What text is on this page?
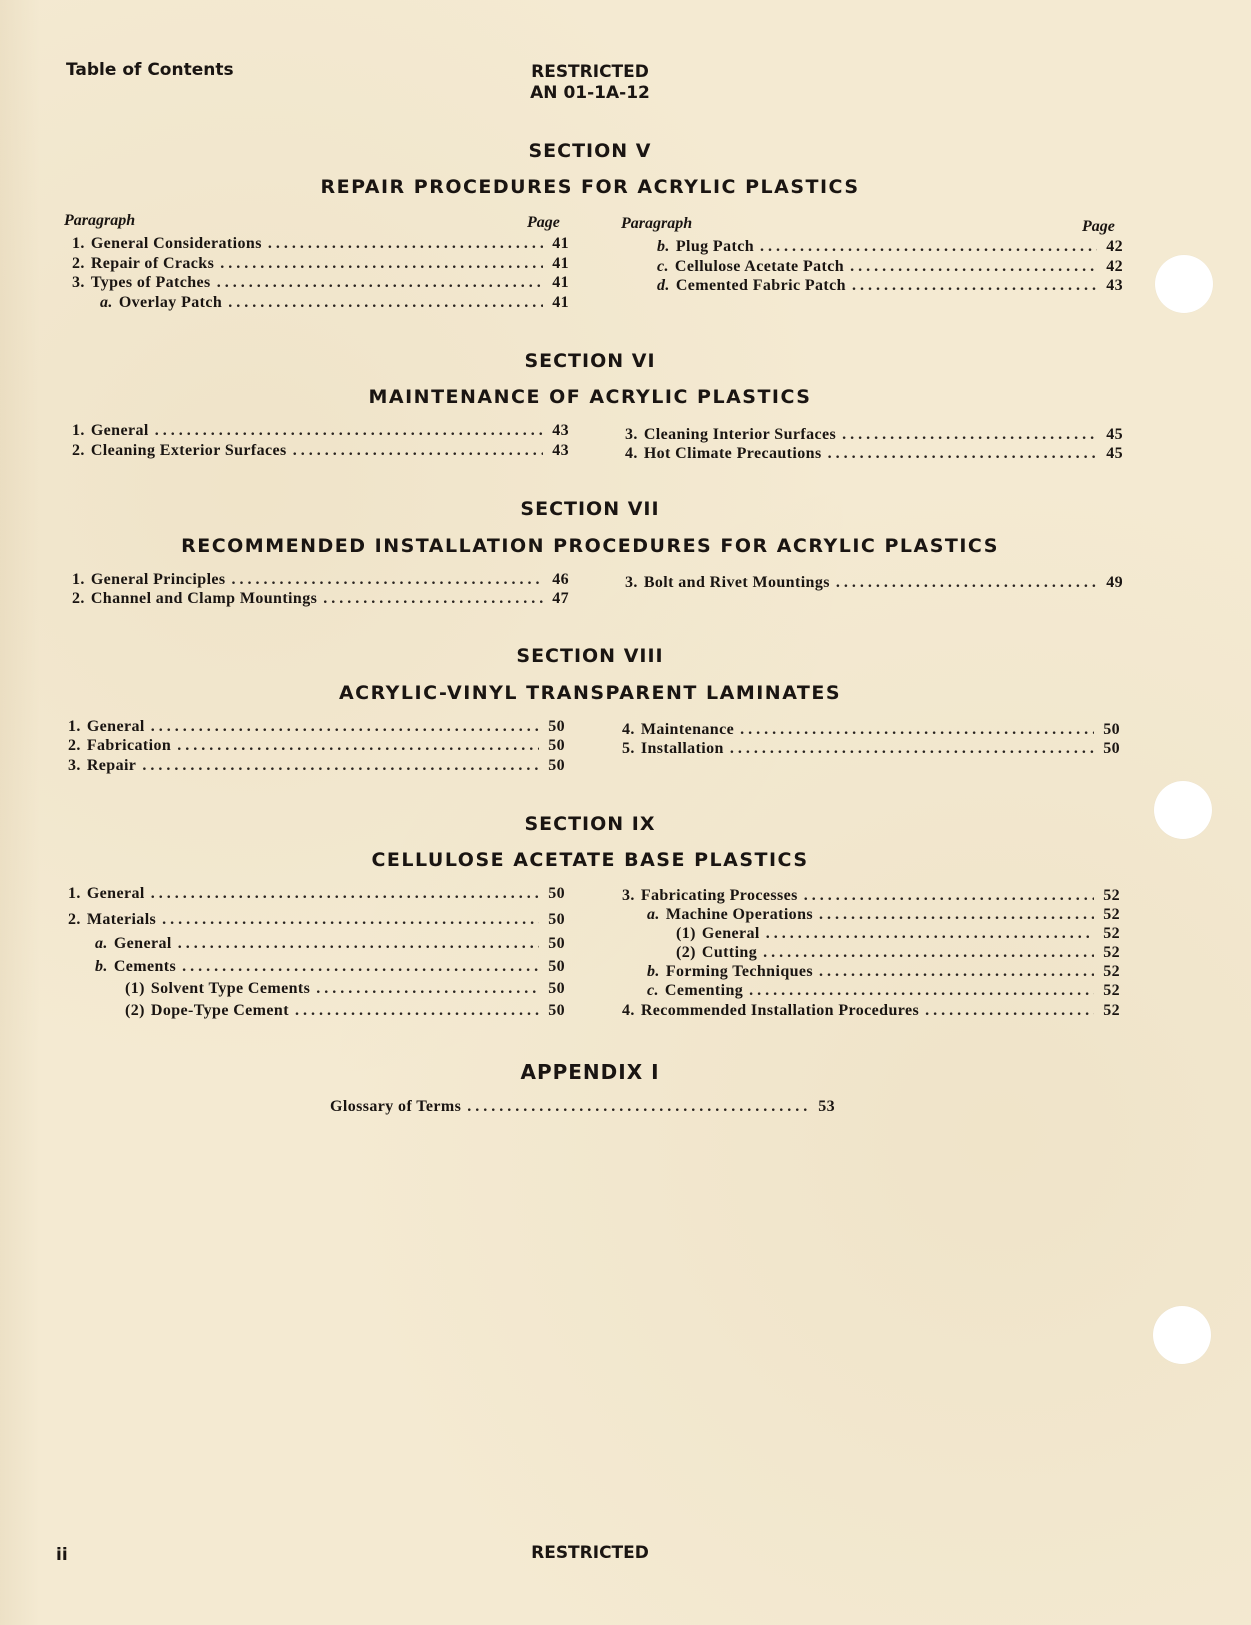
Table of Contents	RESTRICTED
AN 01-1A-12
SECTION V
REPAIR PROCEDURES FOR ACRYLIC PLASTICS
Paragraph	Page	Paragraph	Page
1. General Considerations .....	41
2. Repair of Cracks .....	41
3. Types of Patches .....	41
a. Overlay Patch .....	41
b. Plug Patch .....	42
c. Cellulose Acetate Patch .....	42
d. Cemented Fabric Patch .....	43
SECTION VI
MAINTENANCE OF ACRYLIC PLASTICS
1. General .....	43
2. Cleaning Exterior Surfaces .....	43
3. Cleaning Interior Surfaces .....	45
4. Hot Climate Precautions .....	45
SECTION VII
RECOMMENDED INSTALLATION PROCEDURES FOR ACRYLIC PLASTICS
1. General Principles .....	46
2. Channel and Clamp Mountings .....	47
3. Bolt and Rivet Mountings .....	49
SECTION VIII
ACRYLIC-VINYL TRANSPARENT LAMINATES
1. General .....	50
2. Fabrication .....	50
3. Repair .....	50
4. Maintenance .....	50
5. Installation .....	50
SECTION IX
CELLULOSE ACETATE BASE PLASTICS
1. General .....	50
2. Materials .....	50
a. General .....	50
b. Cements .....	50
(1) Solvent Type Cements .....	50
(2) Dope-Type Cement .....	50
3. Fabricating Processes .....	52
a. Machine Operations .....	52
(1) General .....	52
(2) Cutting .....	52
b. Forming Techniques .....	52
c. Cementing .....	52
4. Recommended Installation Procedures .....	52
APPENDIX I
Glossary of Terms .....	53
ii	RESTRICTED
